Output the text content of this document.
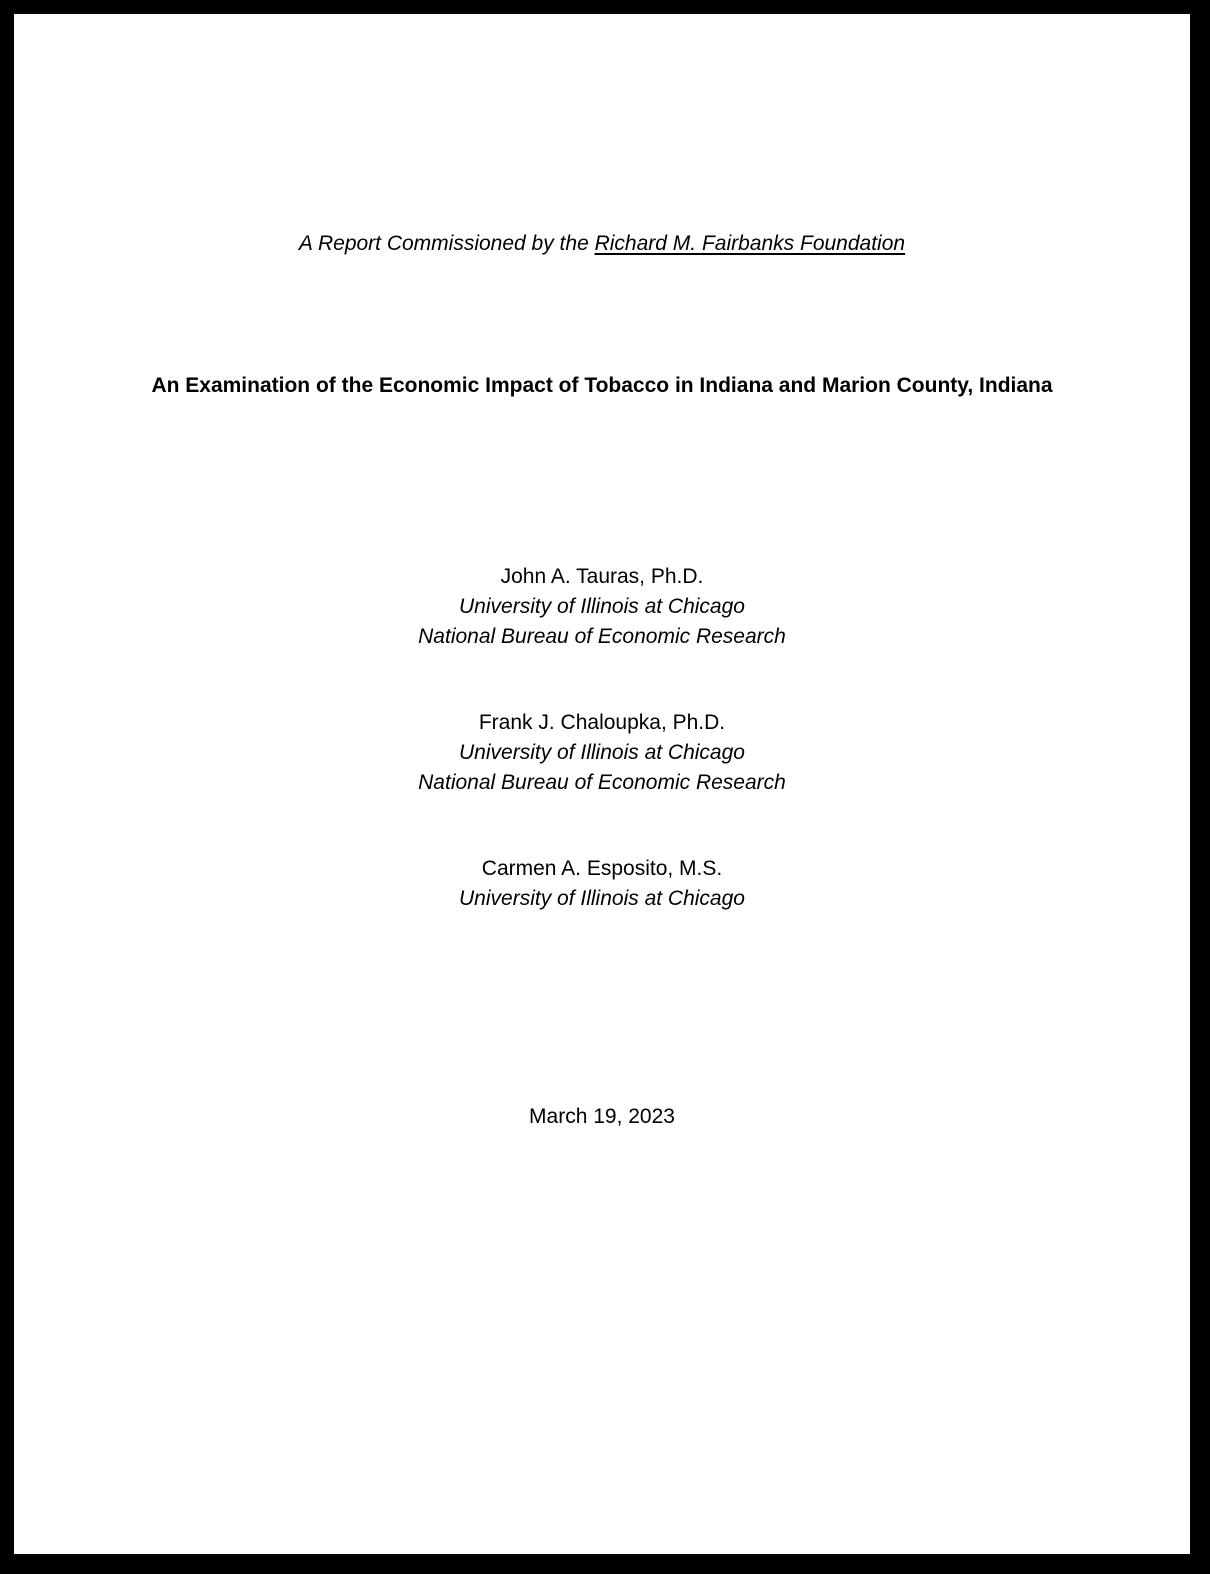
A Report Commissioned by the Richard M. Fairbanks Foundation
An Examination of the Economic Impact of Tobacco in Indiana and Marion County, Indiana
John A. Tauras, Ph.D.
University of Illinois at Chicago
National Bureau of Economic Research
Frank J. Chaloupka, Ph.D.
University of Illinois at Chicago
National Bureau of Economic Research
Carmen A. Esposito, M.S.
University of Illinois at Chicago
March 19, 2023
